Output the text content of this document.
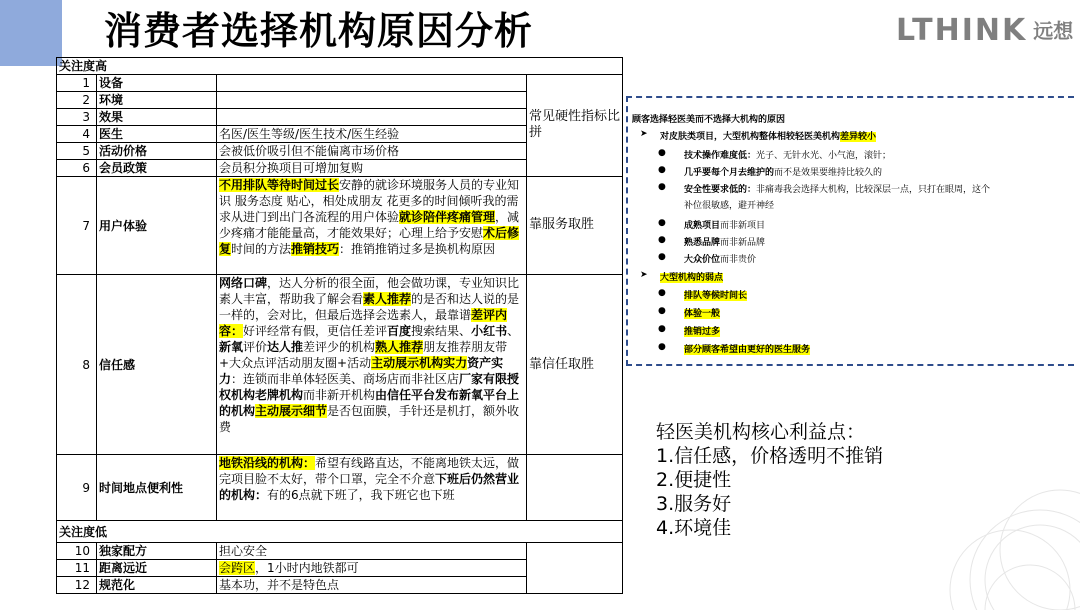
消费者选择机构原因分析	LTHINK 远想
关注度高			
1	设备		常见硬性指标比拼

2	环境		
3	效果		
4	医生	名医/医生等级/医生技术/医生经验	
5	活动价格	会被低价吸引但不能偏离市场价格	
6	会员政策	会员积分换项目可增加复购	
7	用户体验	不用排队等待时间过长安静的就诊环境服务人员的专业知识 服务态度 贴心，相处成朋友 花更多的时间倾听我的需求从进门到出门各流程的用户体验就诊陪伴疼痛管理，减少疼痛才能能量高，才能效果好；心理上给予安慰术后修复时间的方法推销技巧：推销推销过多是换机构原因	靠服务取胜

8	信任感	网络口碑，达人分析的很全面，他会做功课，专业知识比素人丰富，帮助我了解会看素人推荐的是否和达人说的是一样的，会对比，但最后选择会选素人，最靠谱差评内容：好评经常有假，更信任差评百度搜索结果、小红书、新氧评价达人推差评少的机构熟人推荐朋友推荐朋友带+大众点评活动朋友圈+活动主动展示机构实力资产实力：连锁而非单体轻医美、商场店而非社区店厂家有限授权机构老牌机构而非新开机构由信任平台发布新氧平台上的机构主动展示细节是否包面膜，手针还是机打，额外收费	靠信任取胜

9	时间地点便利性	地铁沿线的机构：希望有线路直达，不能离地铁太远，做完项目脸不太好，带个口罩，完全不介意下班后仍然营业的机构：有的6点就下班了，我下班它也下班	
关注度低			
10	独家配方	担心安全	
11	距离远近	会跨区，1小时内地铁都可	
12	规范化	基本功，并不是特色点	
顾客选择轻医美而不选择大机构的原因
➤ 对皮肤类项目，大型机构整体相较轻医美机构差异较小
● 技术操作难度低：光子、无针水光、小气泡，滚针；
● 几乎要每个月去维护的而不是效果要维持比较久的
● 安全性要求低的：非痛毒我会选择大机构，比较深层一点，只打在眼周，这个
补位很敏感，避开神经
● 成熟项目而非新项目
● 熟悉品牌而非新品牌
● 大众价位而非贵价
➤ 大型机构的弱点
● 排队等候时间长
● 体验一般
● 推销过多
● 部分顾客希望由更好的医生服务
轻医美机构核心利益点：
1.信任感，价格透明不推销
2.便捷性
3.服务好
4.环境佳
